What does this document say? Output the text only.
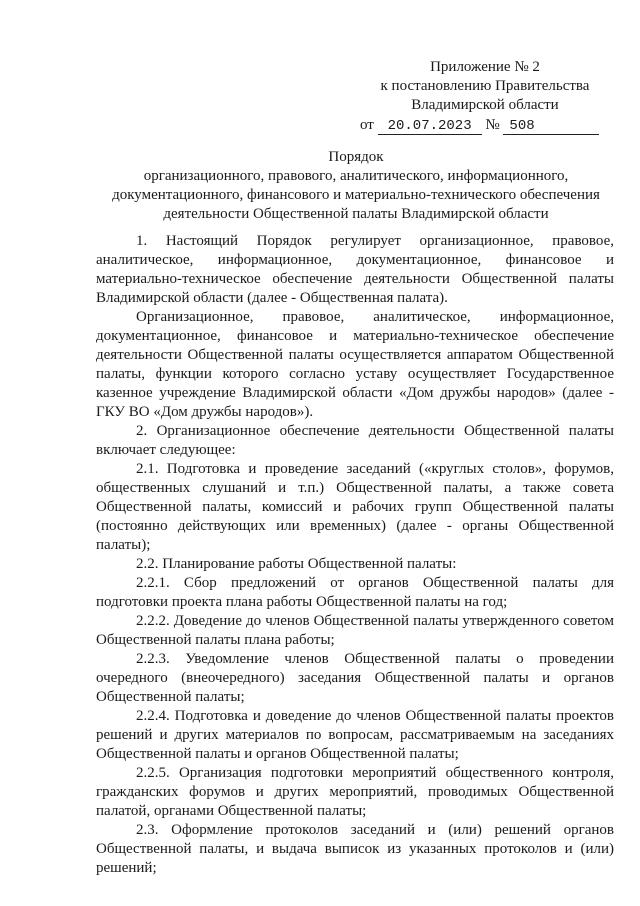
Приложение № 2
к постановлению Правительства
Владимирской области
от 20.07.2023 № 508
Порядок
организационного, правового, аналитического, информационного,
документационного, финансового и материально-технического обеспечения
деятельности Общественной палаты Владимирской области

1. Настоящий Порядок регулирует организационное, правовое, аналитическое, информационное, документационное, финансовое и материально-техническое обеспечение деятельности Общественной палаты Владимирской области (далее - Общественная палата).

Организационное, правовое, аналитическое, информационное, документационное, финансовое и материально-техническое обеспечение деятельности Общественной палаты осуществляется аппаратом Общественной палаты, функции которого согласно уставу осуществляет Государственное казенное учреждение Владимирской области «Дом дружбы народов» (далее - ГКУ ВО «Дом дружбы народов»).

2. Организационное обеспечение деятельности Общественной палаты включает следующее:

2.1. Подготовка и проведение заседаний («круглых столов», форумов, общественных слушаний и т.п.) Общественной палаты, а также совета Общественной палаты, комиссий и рабочих групп Общественной палаты (постоянно действующих или временных) (далее - органы Общественной палаты);

2.2. Планирование работы Общественной палаты:

2.2.1. Сбор предложений от органов Общественной палаты для подготовки проекта плана работы Общественной палаты на год;

2.2.2. Доведение до членов Общественной палаты утвержденного советом Общественной палаты плана работы;

2.2.3. Уведомление членов Общественной палаты о проведении очередного (внеочередного) заседания Общественной палаты и органов Общественной палаты;

2.2.4. Подготовка и доведение до членов Общественной палаты проектов решений и других материалов по вопросам, рассматриваемым на заседаниях Общественной палаты и органов Общественной палаты;

2.2.5. Организация подготовки мероприятий общественного контроля, гражданских форумов и других мероприятий, проводимых Общественной палатой, органами Общественной палаты;

2.3. Оформление протоколов заседаний и (или) решений органов Общественной палаты, и выдача выписок из указанных протоколов и (или) решений;
